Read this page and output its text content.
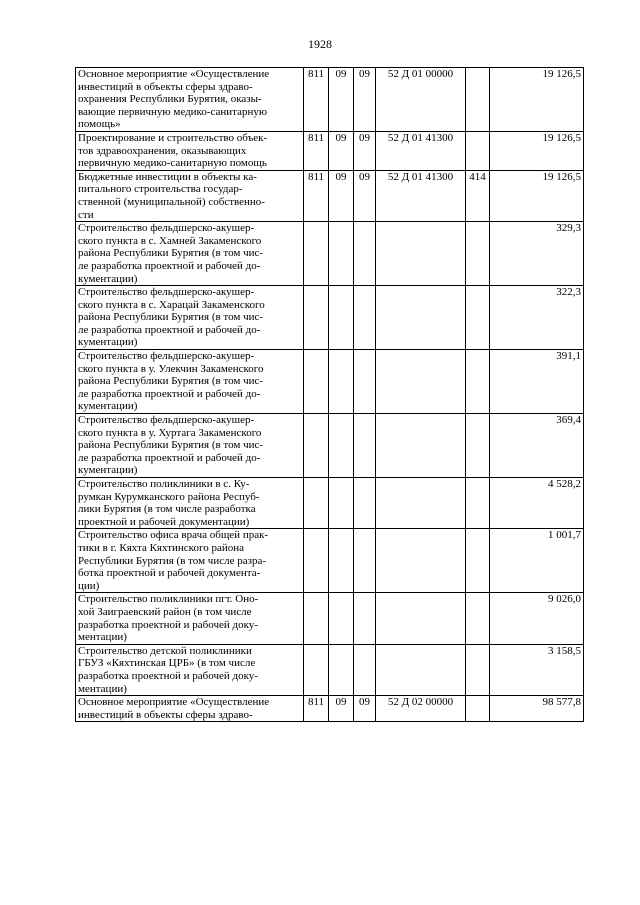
1928
Основное мероприятие «Осуществление
инвестиций в объекты сферы здраво-
охранения Республики Бурятия, оказы-
вающие первичную медико-санитарную
помощь»	811	09	09	52 Д 01 00000		19 126,5

Проектирование и строительство объек-
тов здравоохранения, оказывающих
первичную медико-санитарную помощь	811	09	09	52 Д 01 41300		19 126,5

Бюджетные инвестиции в объекты ка-
питального строительства государ-
ственной (муниципальной) собственно-
сти	811	09	09	52 Д 01 41300	414	19 126,5

Строительство фельдшерско-акушер-
ского пункта в с. Хамней Закаменского
района Республики Бурятия (в том чис-
ле разработка проектной и рабочей до-
кументации)						329,3

Строительство фельдшерско-акушер-
ского пункта в с. Харацай Закаменского
района Республики Бурятия (в том чис-
ле разработка проектной и рабочей до-
кументации)						322,3

Строительство фельдшерско-акушер-
ского пункта в у. Улекчин Закаменского
района Республики Бурятия (в том чис-
ле разработка проектной и рабочей до-
кументации)						391,1

Строительство фельдшерско-акушер-
ского пункта в у. Хуртага Закаменского
района Республики Бурятия (в том чис-
ле разработка проектной и рабочей до-
кументации)						369,4

Строительство поликлиники в с. Ку-
румкан Курумканского района Респуб-
лики Бурятия (в том числе разработка
проектной и рабочей документации)						4 528,2

Строительство офиса врача общей прак-
тики в г. Кяхта Кяхтинского района
Республики Бурятия (в том числе разра-
ботка проектной и рабочей документа-
ции)						1 001,7

Строительство поликлиники пгт. Оно-
хой Заиграевский район (в том числе
разработка проектной и рабочей доку-
ментации)						9 026,0

Строительство детской поликлиники
ГБУЗ «Кяхтинская ЦРБ» (в том числе
разработка проектной и рабочей доку-
ментации)						3 158,5

Основное мероприятие «Осуществление
инвестиций в объекты сферы здраво-	811	09	09	52 Д 02 00000		98 577,8
